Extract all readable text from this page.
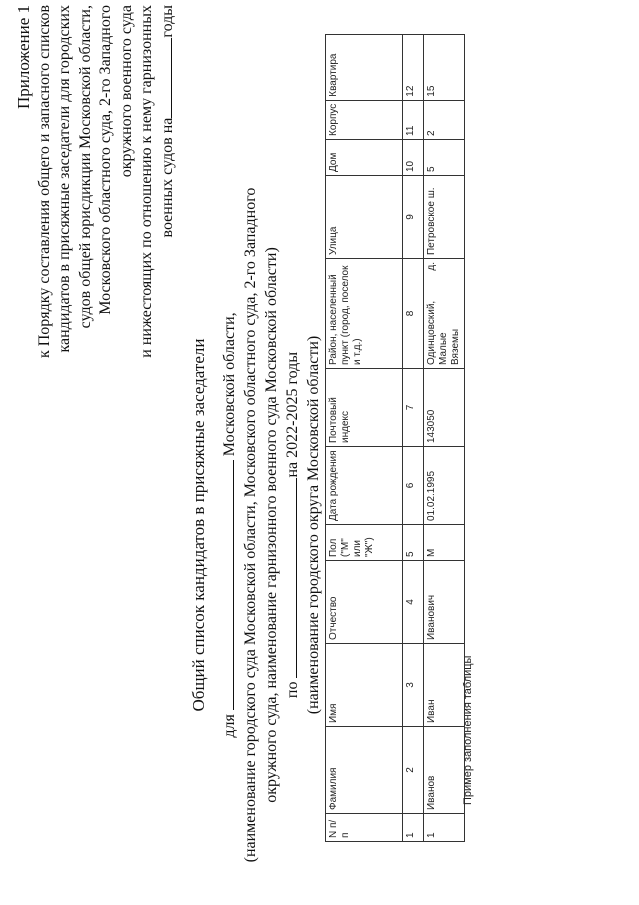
Приложение 1 к Порядку составления общего и запасного списков кандидатов в присяжные заседатели для городских судов общей юрисдикции Московской области, Московского областного суда, 2-го Западного окружного военного суда и нижестоящих по отношению к нему гарнизонных военных судов нагоды
Общий список кандидатов в присяжные заседатели
для  Московской области, (наименование городского суда Московской области, Московского областного суда, 2-го Западного окружного суда, наименование гарнизонного военного суда Московской области) по на 2022-2025 годы (наименование городского округа Московской области)
N п/п	Фамилия	Имя	Отчество	Пол ("М" или "Ж")	Дата рождения	Почтовый индекс	Район, населенный пункт (город, поселок и т.д.)	Улица	Дом	Корпус	Квартира
1	2	3	4	5	6	7	8	9	10	11	12
1	Иванов	Иван	Иванович	М	01.02.1995	143050	Одинцовский, д. Малые Вяземы	Петровское ш.	5	2	15
Пример заполнения таблицы
